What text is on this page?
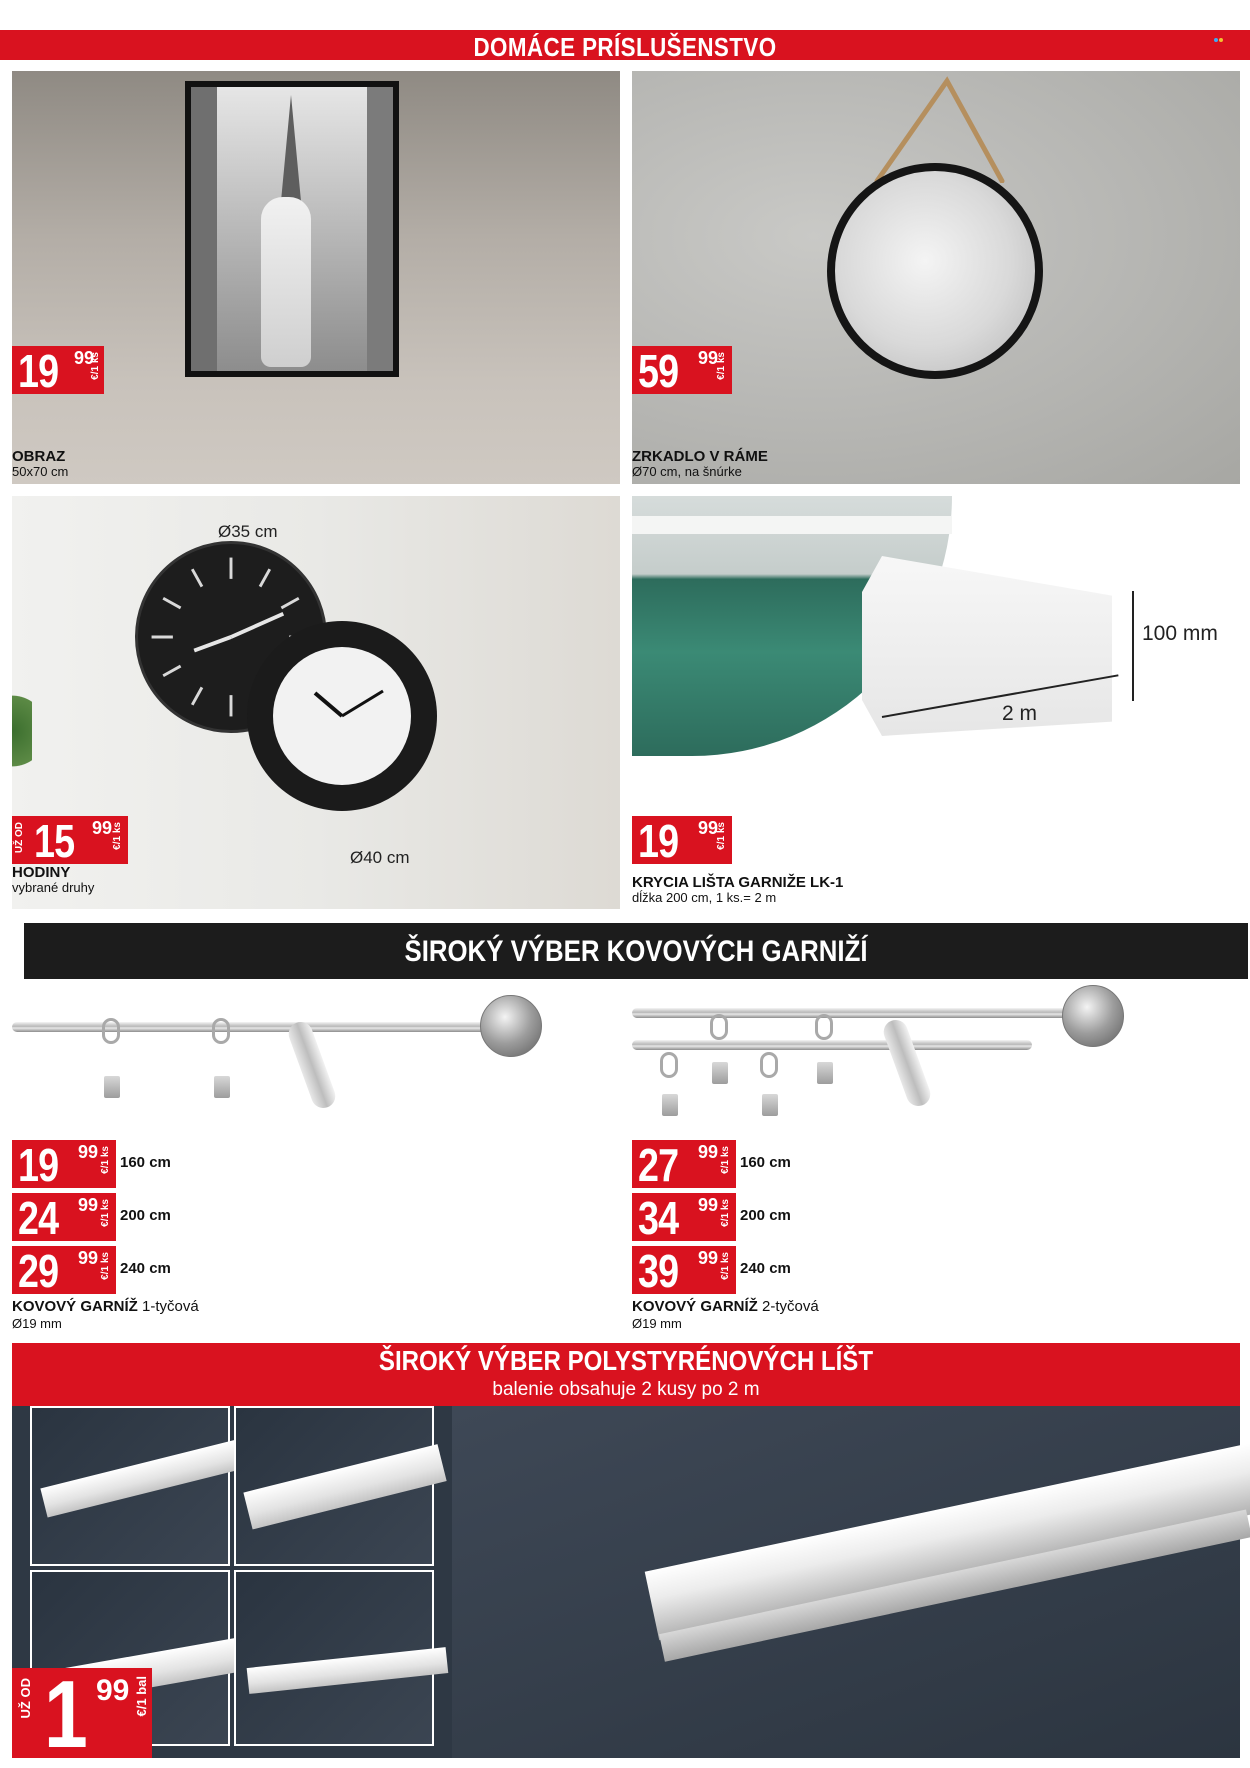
DOMÁCE PRÍSLUŠENSTVO
19 99
€/1 ks
OBRAZ
50x70 cm
59 99
€/1 ks
ZRKADLO V RÁME
Ø70 cm, na šnúrke
Ø35 cm
Ø40 cm
UŽ OD 15 99 €/1 ks
HODINY
vybrané druhy
100 mm
2 m
19 99
€/1 ks
KRYCIA LIŠTA GARNIŽE LK-1
dĺžka 200 cm, 1 ks.= 2 m
ŠIROKÝ VÝBER KOVOVÝCH GARNIŽÍ
19 99 €/1 ks 160 cm
24 99 €/1 ks 200 cm
29 99 €/1 ks 240 cm
KOVOVÝ GARNÍŽ 1-tyčová
Ø19 mm
27 99 €/1 ks 160 cm
34 99 €/1 ks 200 cm
39 99 €/1 ks 240 cm
KOVOVÝ GARNÍŽ 2-tyčová
Ø19 mm
ŠIROKÝ VÝBER POLYSTYRÉNOVÝCH LÍŠT
balenie obsahuje 2 kusy po 2 m
UŽ OD 1 99 €/1 bal
